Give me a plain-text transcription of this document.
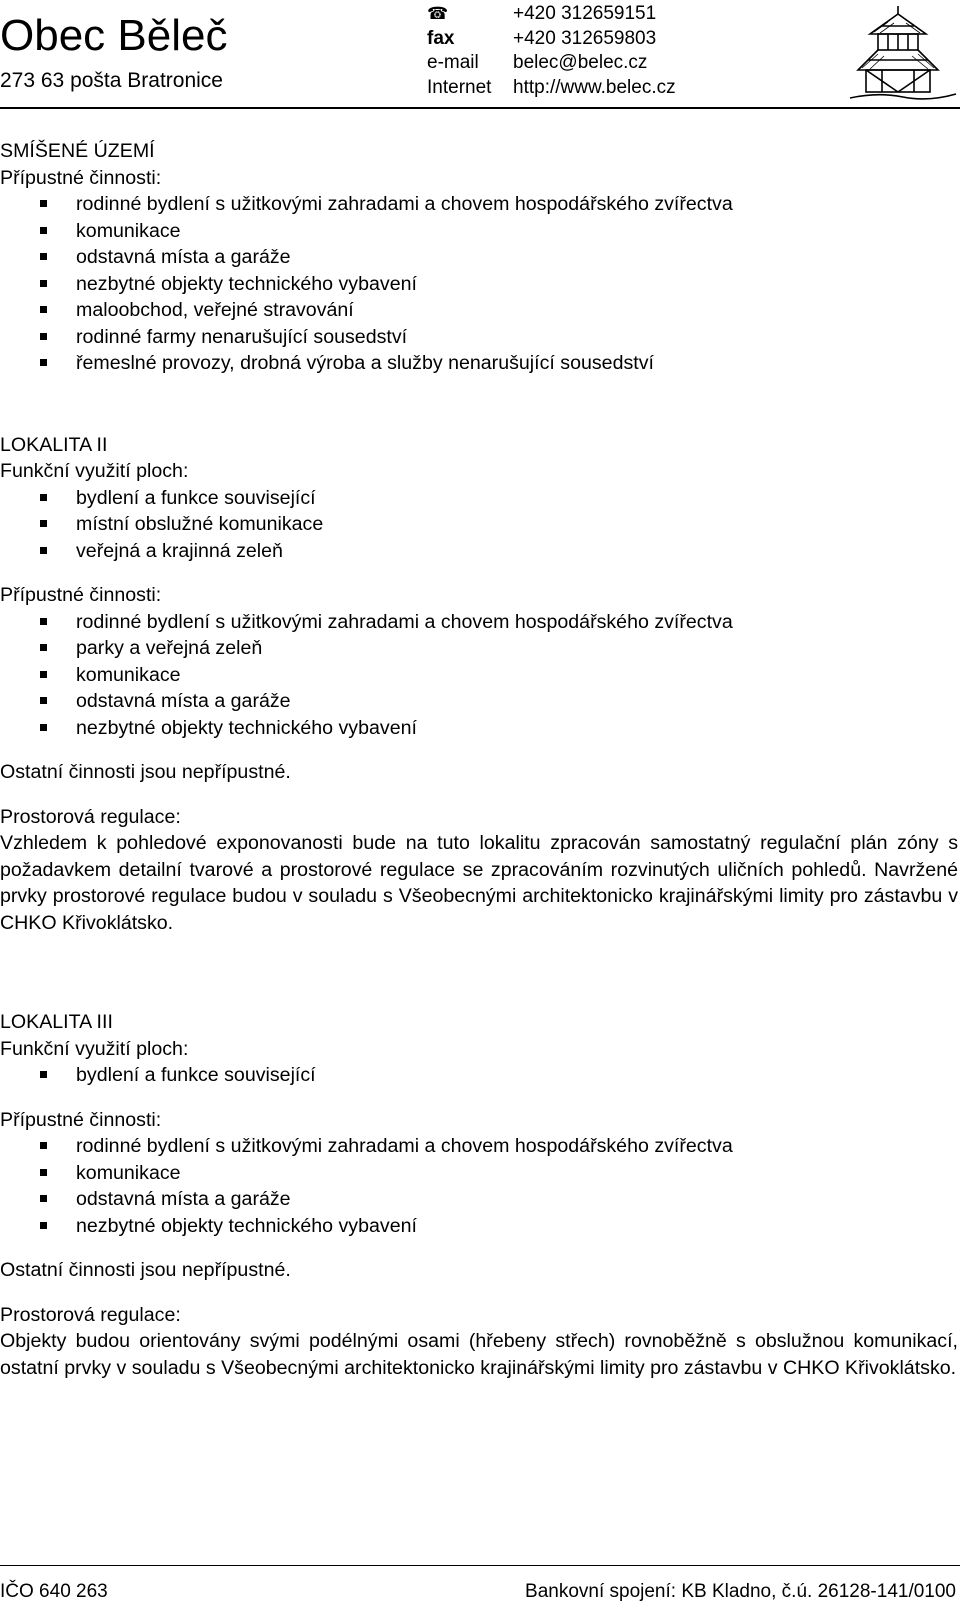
Obec Běleč
273 63 pošta Bratronice
☎	+420 312659151
fax	+420 312659803
e-mail	belec@belec.cz
Internet	http://www.belec.cz
SMÍŠENÉ ÚZEMÍ
Přípustné činnosti:
rodinné bydlení s užitkovými zahradami a chovem hospodářského zvířectva
komunikace
odstavná místa a garáže
nezbytné objekty technického vybavení
maloobchod, veřejné stravování
rodinné farmy nenarušující sousedství
řemeslné provozy, drobná výroba a služby nenarušující sousedství
LOKALITA II
Funkční využití ploch:
bydlení a funkce související
místní obslužné komunikace
veřejná a krajinná zeleň
Přípustné činnosti:
rodinné bydlení s užitkovými zahradami a chovem hospodářského zvířectva
parky a veřejná zeleň
komunikace
odstavná místa a garáže
nezbytné objekty technického vybavení
Ostatní činnosti jsou nepřípustné.
Prostorová regulace:
Vzhledem k pohledové exponovanosti bude na tuto lokalitu zpracován samostatný regulační plán zóny s požadavkem detailní tvarové a prostorové regulace se zpracováním rozvinutých uličních pohledů. Navržené prvky prostorové regulace budou v souladu s Všeobecnými architektonicko krajinářskými limity pro zástavbu v CHKO Křivoklátsko.
LOKALITA III
Funkční využití ploch:
bydlení a funkce související
Přípustné činnosti:
rodinné bydlení s užitkovými zahradami a chovem hospodářského zvířectva
komunikace
odstavná místa a garáže
nezbytné objekty technického vybavení
Ostatní činnosti jsou nepřípustné.
Prostorová regulace:
Objekty budou orientovány svými podélnými osami (hřebeny střech) rovnoběžně s obslužnou komunikací, ostatní prvky v souladu s Všeobecnými architektonicko krajinářskými limity pro zástavbu v CHKO Křivoklátsko.
IČO 640 263	Bankovní spojení: KB Kladno, č.ú. 26128-141/0100
